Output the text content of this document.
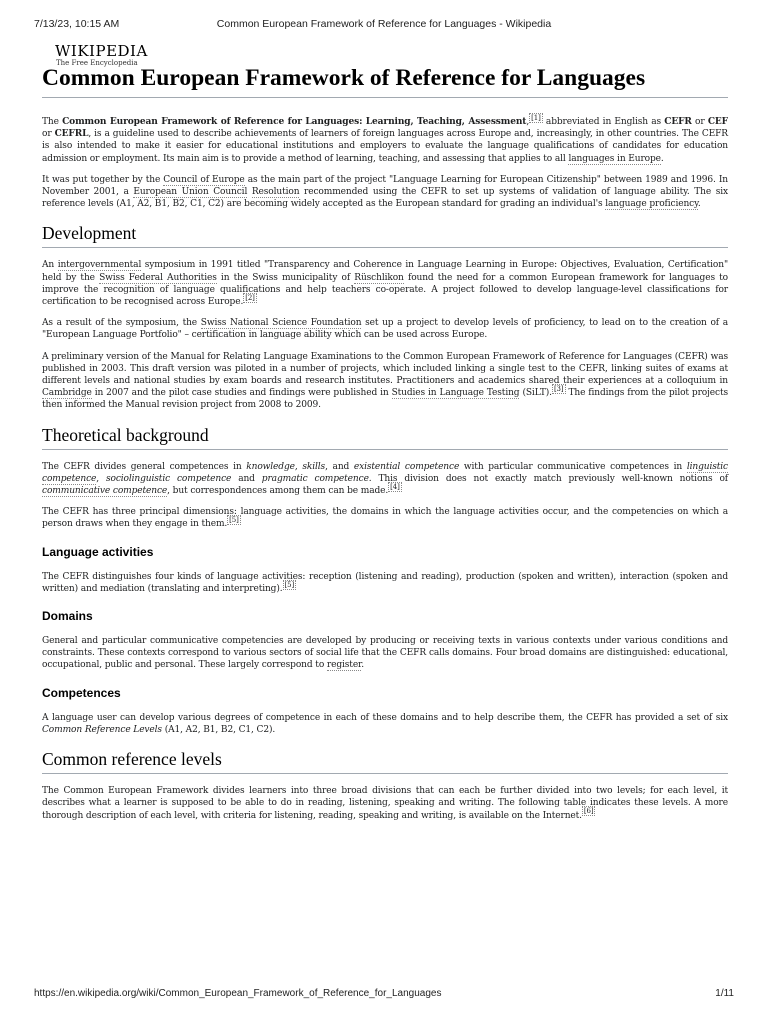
7/13/23, 10:15 AM	Common European Framework of Reference for Languages - Wikipedia
WIKIPEDIA
The Free Encyclopedia
Common European Framework of Reference for Languages

The Common European Framework of Reference for Languages: Learning, Teaching, Assessment, [1] abbreviated in English as CEFR or CEF or CEFRL, is a guideline used to describe achievements of learners of foreign languages across Europe and, increasingly, in other countries. The CEFR is also intended to make it easier for educational institutions and employers to evaluate the language qualifications of candidates for education admission or employment. Its main aim is to provide a method of learning, teaching, and assessing that applies to all languages in Europe.

It was put together by the Council of Europe as the main part of the project "Language Learning for European Citizenship" between 1989 and 1996. In November 2001, a European Union Council Resolution recommended using the CEFR to set up systems of validation of language ability. The six reference levels (A1, A2, B1, B2, C1, C2) are becoming widely accepted as the European standard for grading an individual's language proficiency.

Development

An intergovernmental symposium in 1991 titled "Transparency and Coherence in Language Learning in Europe: Objectives, Evaluation, Certification" held by the Swiss Federal Authorities in the Swiss municipality of Rüschlikon found the need for a common European framework for languages to improve the recognition of language qualifications and help teachers co-operate. A project followed to develop language-level classifications for certification to be recognised across Europe. [2]

As a result of the symposium, the Swiss National Science Foundation set up a project to develop levels of proficiency, to lead on to the creation of a "European Language Portfolio" – certification in language ability which can be used across Europe.

A preliminary version of the Manual for Relating Language Examinations to the Common European Framework of Reference for Languages (CEFR) was published in 2003. This draft version was piloted in a number of projects, which included linking a single test to the CEFR, linking suites of exams at different levels and national studies by exam boards and research institutes. Practitioners and academics shared their experiences at a colloquium in Cambridge in 2007 and the pilot case studies and findings were published in Studies in Language Testing (SiLT). [3] The findings from the pilot projects then informed the Manual revision project from 2008 to 2009.

Theoretical background

The CEFR divides general competences in knowledge, skills, and existential competence with particular communicative competences in linguistic competence, sociolinguistic competence and pragmatic competence. This division does not exactly match previously well-known notions of communicative competence, but correspondences among them can be made. [4]

The CEFR has three principal dimensions: language activities, the domains in which the language activities occur, and the competencies on which a person draws when they engage in them. [5]

Language activities

The CEFR distinguishes four kinds of language activities: reception (listening and reading), production (spoken and written), interaction (spoken and written) and mediation (translating and interpreting). [5]

Domains

General and particular communicative competencies are developed by producing or receiving texts in various contexts under various conditions and constraints. These contexts correspond to various sectors of social life that the CEFR calls domains. Four broad domains are distinguished: educational, occupational, public and personal. These largely correspond to register.

Competences

A language user can develop various degrees of competence in each of these domains and to help describe them, the CEFR has provided a set of six Common Reference Levels (A1, A2, B1, B2, C1, C2).

Common reference levels

The Common European Framework divides learners into three broad divisions that can each be further divided into two levels; for each level, it describes what a learner is supposed to be able to do in reading, listening, speaking and writing. The following table indicates these levels. A more thorough description of each level, with criteria for listening, reading, speaking and writing, is available on the Internet. [6]

https://en.wikipedia.org/wiki/Common_European_Framework_of_Reference_for_Languages	1/11
